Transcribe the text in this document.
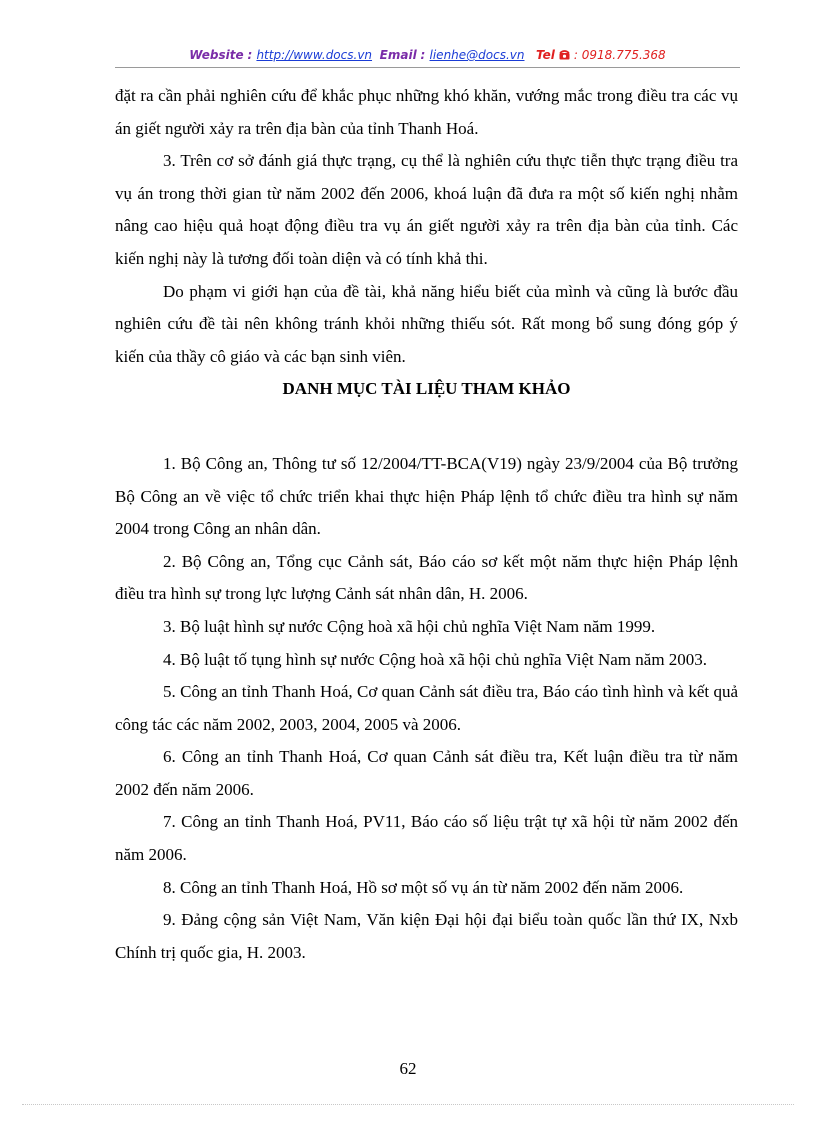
Website : http://www.docs.vn Email : lienhe@docs.vn Tel : 0918.775.368

đặt ra cần phải nghiên cứu để khắc phục những khó khăn, vướng mắc trong điều tra các vụ án giết người xảy ra trên địa bàn của tỉnh Thanh Hoá.

3. Trên cơ sở đánh giá thực trạng, cụ thể là nghiên cứu thực tiễn thực trạng điều tra vụ án trong thời gian từ năm 2002 đến 2006, khoá luận đã đưa ra một số kiến nghị nhằm nâng cao hiệu quả hoạt động điều tra vụ án giết người xảy ra trên địa bàn của tỉnh. Các kiến nghị này là tương đối toàn diện và có tính khả thi.

Do phạm vi giới hạn của đề tài, khả năng hiểu biết của mình và cũng là bước đầu nghiên cứu đề tài nên không tránh khỏi những thiếu sót. Rất mong bổ sung đóng góp ý kiến của thầy cô giáo và các bạn sinh viên.

DANH MỤC TÀI LIỆU THAM KHẢO

1. Bộ Công an, Thông tư số 12/2004/TT-BCA(V19) ngày 23/9/2004 của Bộ trưởng Bộ Công an về việc tổ chức triển khai thực hiện Pháp lệnh tổ chức điều tra hình sự năm 2004 trong Công an nhân dân.

2. Bộ Công an, Tổng cục Cảnh sát, Báo cáo sơ kết một năm thực hiện Pháp lệnh điều tra hình sự trong lực lượng Cảnh sát nhân dân, H. 2006.

3. Bộ luật hình sự nước Cộng hoà xã hội chủ nghĩa Việt Nam năm 1999.

4. Bộ luật tố tụng hình sự nước Cộng hoà xã hội chủ nghĩa Việt Nam năm 2003.

5. Công an tỉnh Thanh Hoá, Cơ quan Cảnh sát điều tra, Báo cáo tình hình và kết quả công tác các năm 2002, 2003, 2004, 2005 và 2006.

6. Công an tỉnh Thanh Hoá, Cơ quan Cảnh sát điều tra, Kết luận điều tra từ năm 2002 đến năm 2006.

7. Công an tỉnh Thanh Hoá, PV11, Báo cáo số liệu trật tự xã hội từ năm 2002 đến năm 2006.

8. Công an tỉnh Thanh Hoá, Hồ sơ một số vụ án từ năm 2002 đến năm 2006.

9. Đảng cộng sản Việt Nam, Văn kiện Đại hội đại biểu toàn quốc lần thứ IX, Nxb Chính trị quốc gia, H. 2003.

62
